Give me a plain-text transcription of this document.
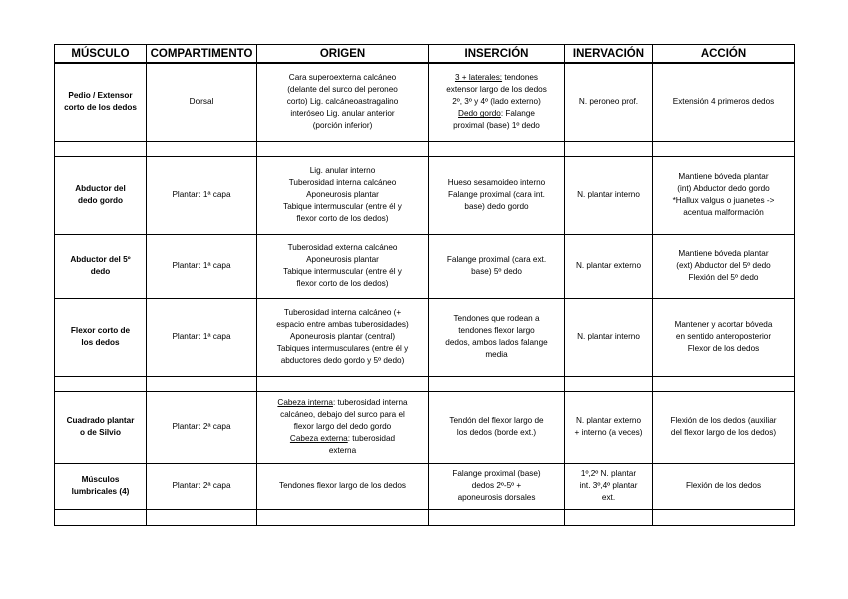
MÚSCULO	COMPARTIMENTO	ORIGEN	INSERCIÓN	INERVACIÓN	ACCIÓN

Pedio / Extensor
corto de los dedos	Dorsal	Cara superoexterna calcáneo
(delante del surco del peroneo
corto) Lig. calcáneoastragalino
interóseo Lig. anular anterior
(porción inferior)	3 + laterales: tendones
extensor largo de los dedos
2º, 3º y 4º (lado externo)
Dedo gordo: Falange
proximal (base) 1º dedo	N. peroneo prof.	Extensión 4 primeros dedos

Abductor del
dedo gordo	Plantar: 1ª capa	Lig. anular interno
Tuberosidad interna calcáneo
Aponeurosis plantar
Tabique intermuscular (entre él y
flexor corto de los dedos)	Hueso sesamoideo interno
Falange proximal (cara int.
base) dedo gordo	N. plantar interno	Mantiene bóveda plantar
(int) Abductor dedo gordo
*Hallux valgus o juanetes ->
acentua malformación

Abductor del 5º
dedo	Plantar: 1ª capa	Tuberosidad externa calcáneo
Aponeurosis plantar
Tabique intermuscular (entre él y
flexor corto de los dedos)	Falange proximal (cara ext.
base) 5º dedo	N. plantar externo	Mantiene bóveda plantar
(ext) Abductor del 5º dedo
Flexión del 5º dedo

Flexor corto de
los dedos	Plantar: 1ª capa	Tuberosidad interna calcáneo (+
espacio entre ambas tuberosidades)
Aponeurosis plantar (central)
Tabiques intermusculares (entre él y
abductores dedo gordo y 5º dedo)	Tendones que rodean a
tendones flexor largo
dedos, ambos lados falange
media	N. plantar interno	Mantener y acortar bóveda
en sentido anteroposterior
Flexor de los dedos

Cuadrado plantar
o de Silvio	Plantar: 2ª capa	Cabeza interna: tuberosidad interna
calcáneo, debajo del surco para el
flexor largo del dedo gordo
Cabeza externa: tuberosidad
externa	Tendón del flexor largo de
los dedos (borde ext.)	N. plantar externo
+ interno (a veces)	Flexión de los dedos (auxiliar
del flexor largo de los dedos)

Músculos
lumbricales (4)	Plantar: 2ª capa	Tendones flexor largo de los dedos	Falange proximal (base)
dedos 2º-5º +
aponeurosis dorsales	1º,2º N. plantar
int. 3º,4º plantar
ext.	Flexión de los dedos
